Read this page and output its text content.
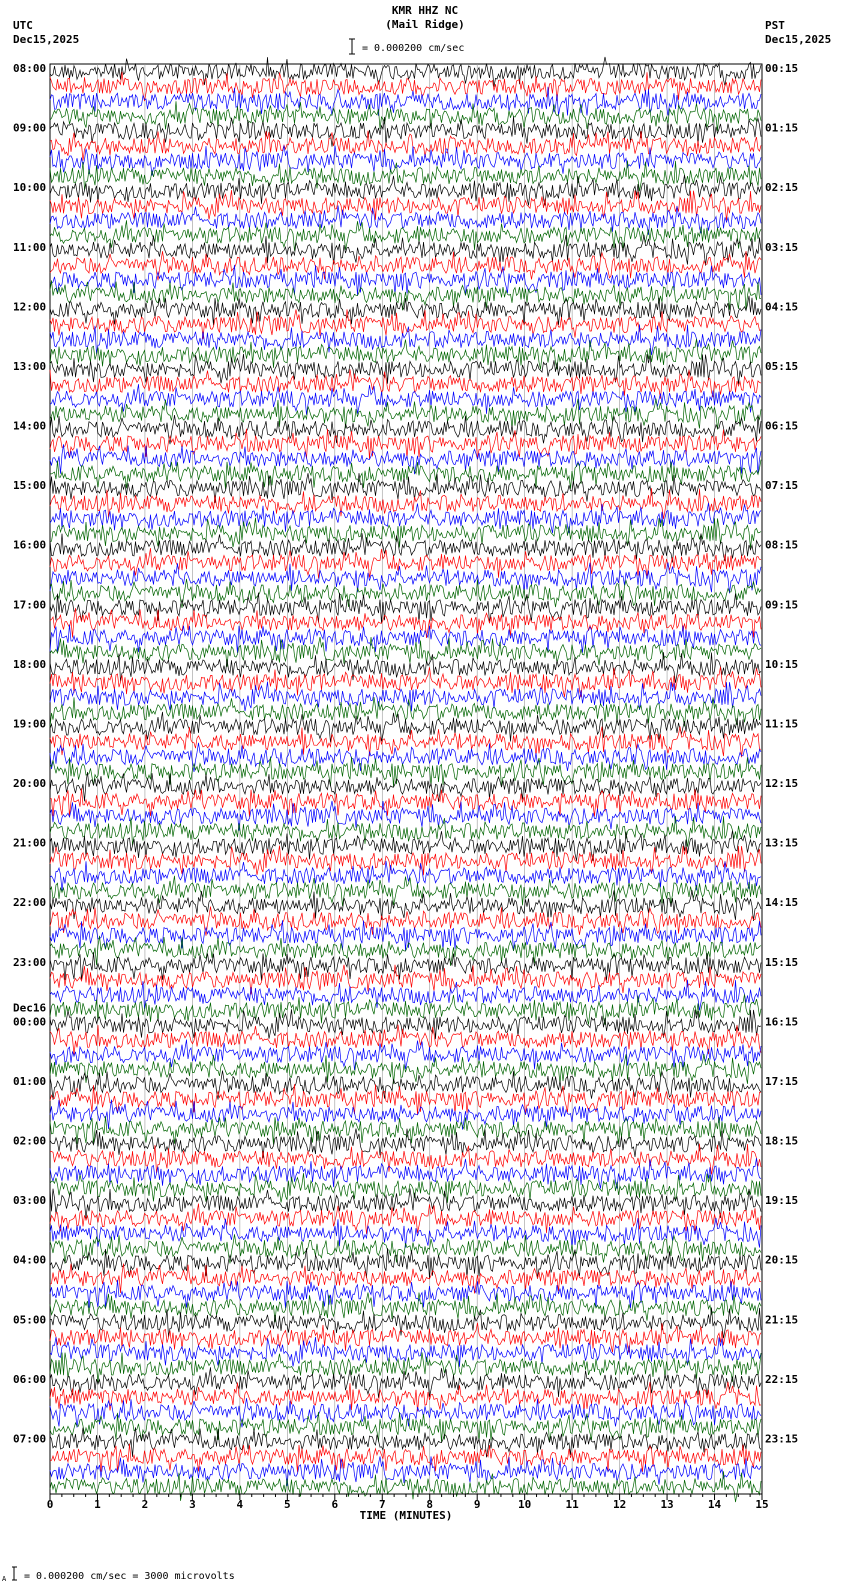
KMR HHZ NC
(Mail Ridge)
UTC
Dec15,2025
PST
Dec15,2025
= 0.000200 cm/sec
0	1	2	3	4	5	6	7	8	9	10	11	12	13	14	15
08:00	00:15
09:00	01:15
10:00	02:15
11:00	03:15
12:00	04:15
13:00	05:15
14:00	06:15
15:00	07:15
16:00	08:15
17:00	09:15
18:00	10:15
19:00	11:15
20:00	12:15
21:00	13:15
22:00	14:15
23:00	15:15
00:00	16:15
Dec16
01:00	17:15
02:00	18:15
03:00	19:15
04:00	20:15
05:00	21:15
06:00	22:15
07:00	23:15
TIME (MINUTES)
A = 0.000200 cm/sec = 3000 microvolts
